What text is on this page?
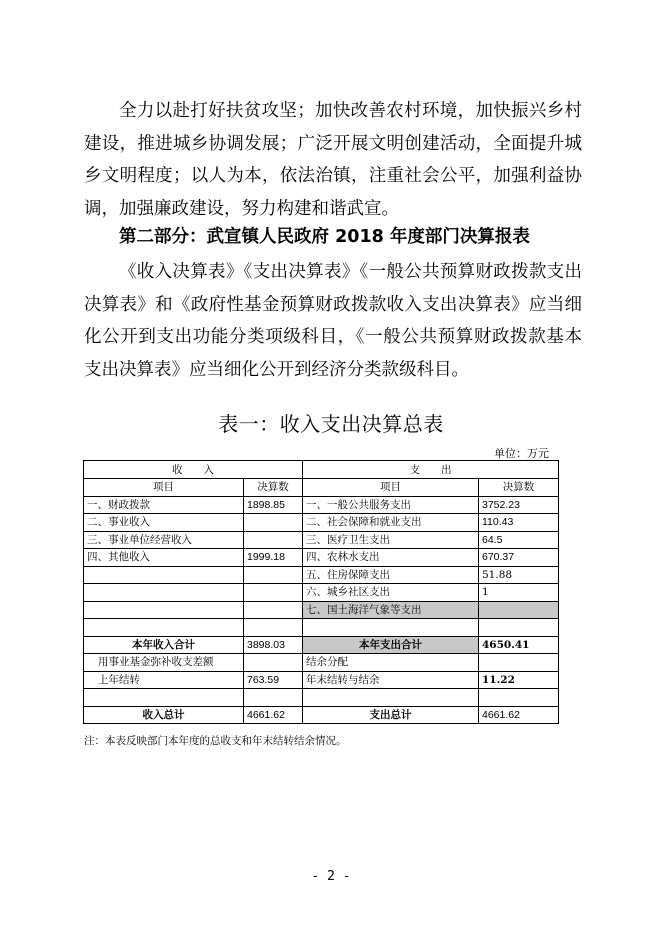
全力以赴打好扶贫攻坚；加快改善农村环境，加快振兴乡村建设，推进城乡协调发展；广泛开展文明创建活动，全面提升城乡文明程度；以人为本，依法治镇，注重社会公平，加强利益协调，加强廉政建设，努力构建和谐武宣。

第二部分：武宣镇人民政府 2018 年度部门决算报表

《收入决算表》《支出决算表》《一般公共预算财政拨款支出决算表》和《政府性基金预算财政拨款收入支出决算表》应当细化公开到支出功能分类项级科目，《一般公共预算财政拨款基本支出决算表》应当细化公开到经济分类款级科目。

表一：收入支出决算总表
单位：万元
收　　入		支　　出	
项目	决算数	项目	决算数
一、财政拨款	1898.85	一、一般公共服务支出	3752.23
二、事业收入		二、社会保障和就业支出	110.43
三、事业单位经营收入		三、医疗卫生支出	64.5
四、其他收入	1999.18	四、农林水支出	670.37
		五、住房保障支出	51.88
		六、城乡社区支出	1
		七、国土海洋气象等支出	

本年收入合计	3898.03	本年支出合计	4650.41
用事业基金弥补收支差额		结余分配	
上年结转	763.59	年末结转与结余	11.22

收入总计	4661.62	支出总计	4661.62
注：本表反映部门本年度的总收支和年末结转结余情况。
- 2 -
